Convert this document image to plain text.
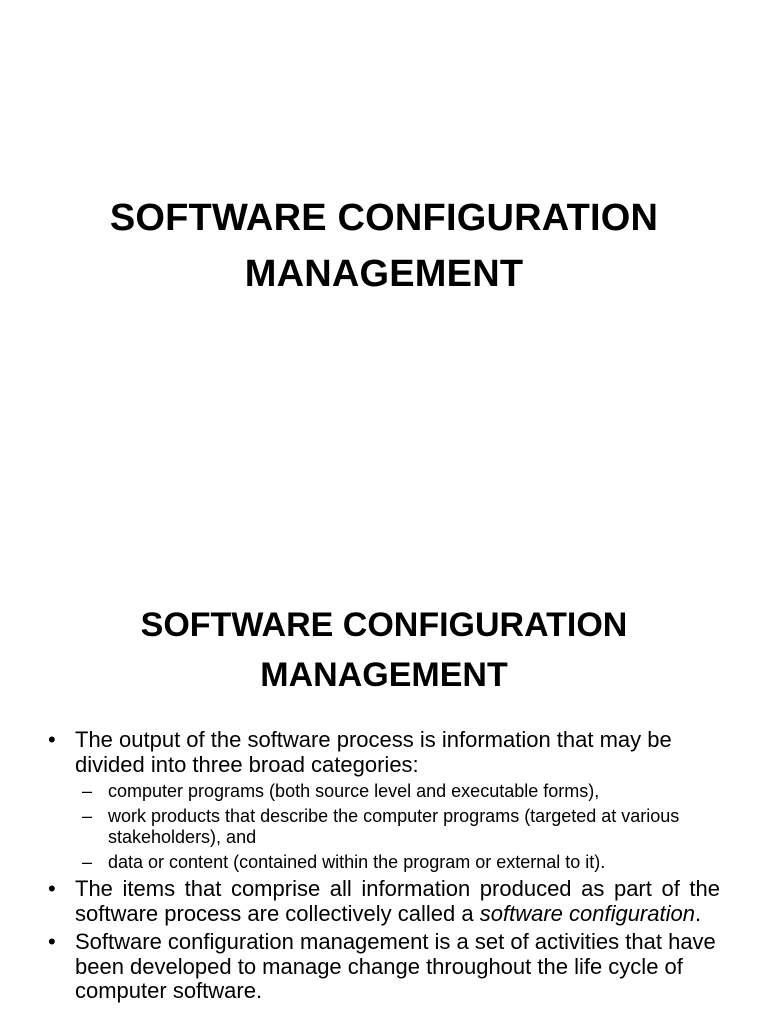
SOFTWARE CONFIGURATION
MANAGEMENT
SOFTWARE CONFIGURATION
MANAGEMENT
• The output of the software process is information that may be divided into three broad categories:
– computer programs (both source level and executable forms),
– work products that describe the computer programs (targeted at various stakeholders), and
– data or content (contained within the program or external to it).
• The items that comprise all information produced as part of the software process are collectively called a software configuration.
• Software configuration management is a set of activities that have been developed to manage change throughout the life cycle of computer software.
